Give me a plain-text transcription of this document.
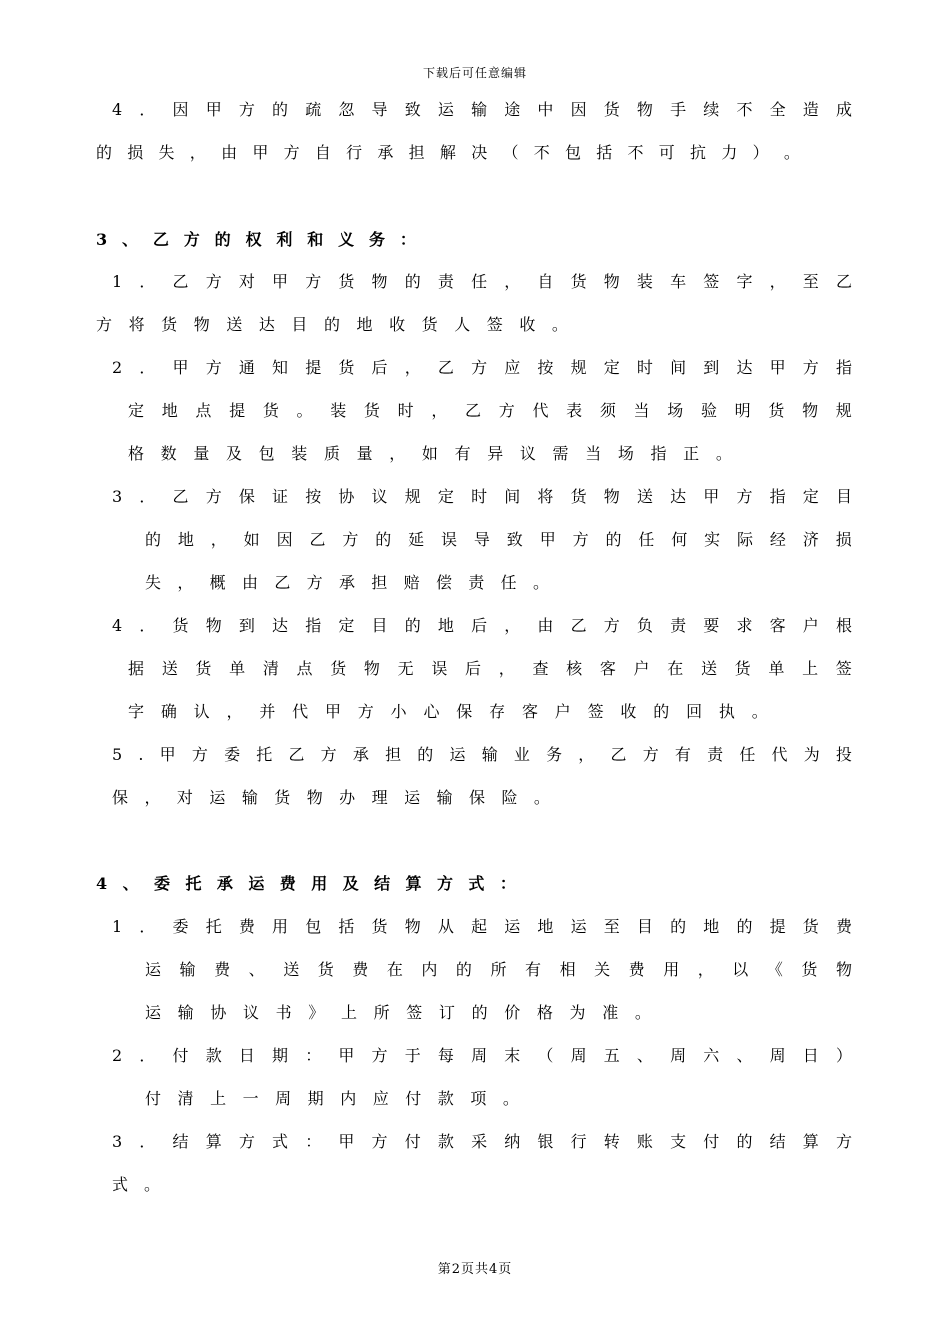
下载后可任意编辑
4 ． 因 甲 方 的 疏 忽 导 致 运 输 途 中 因 货 物 手 续 不 全 造 成
的 损 失 ， 由 甲 方 自 行 承 担 解 决 （ 不 包 括 不 可 抗 力 ） 。
3 、 乙 方 的 权 利 和 义 务 ：
1 ． 乙 方 对 甲 方 货 物 的 责 任 ， 自 货 物 装 车 签 字 ， 至 乙
方 将 货 物 送 达 目 的 地 收 货 人 签 收 。
2 ． 甲 方 通 知 提 货 后 ， 乙 方 应 按 规 定 时 间 到 达 甲 方 指
定 地 点 提 货 。 装 货 时 ， 乙 方 代 表 须 当 场 验 明 货 物 规
格 数 量 及 包 装 质 量 ， 如 有 异 议 需 当 场 指 正 。
3 ． 乙 方 保 证 按 协 议 规 定 时 间 将 货 物 送 达 甲 方 指 定 目
的 地 ， 如 因 乙 方 的 延 误 导 致 甲 方 的 任 何 实 际 经 济 损
失 ， 概 由 乙 方 承 担 赔 偿 责 任 。
4 ． 货 物 到 达 指 定 目 的 地 后 ， 由 乙 方 负 责 要 求 客 户 根
据 送 货 单 清 点 货 物 无 误 后 ， 查 核 客 户 在 送 货 单 上 签
字 确 认 ， 并 代 甲 方 小 心 保 存 客 户 签 收 的 回 执 。
5 . 甲 方 委 托 乙 方 承 担 的 运 输 业 务 ， 乙 方 有 责 任 代 为 投
保 ， 对 运 输 货 物 办 理 运 输 保 险 。
4 、 委 托 承 运 费 用 及 结 算 方 式 ：
1 ． 委 托 费 用 包 括 货 物 从 起 运 地 运 至 目 的 地 的 提 货 费
运 输 费 、 送 货 费 在 内 的 所 有 相 关 费 用 ， 以 《 货 物
运 输 协 议 书 》 上 所 签 订 的 价 格 为 准 。
2 ． 付 款 日 期 ： 甲 方 于 每 周 末 （ 周 五 、 周 六 、 周 日 ）
付 清 上 一 周 期 内 应 付 款 项 。
3 ． 结 算 方 式 ： 甲 方 付 款 采 纳 银 行 转 账 支 付 的 结 算 方
式 。
第2页共4页
